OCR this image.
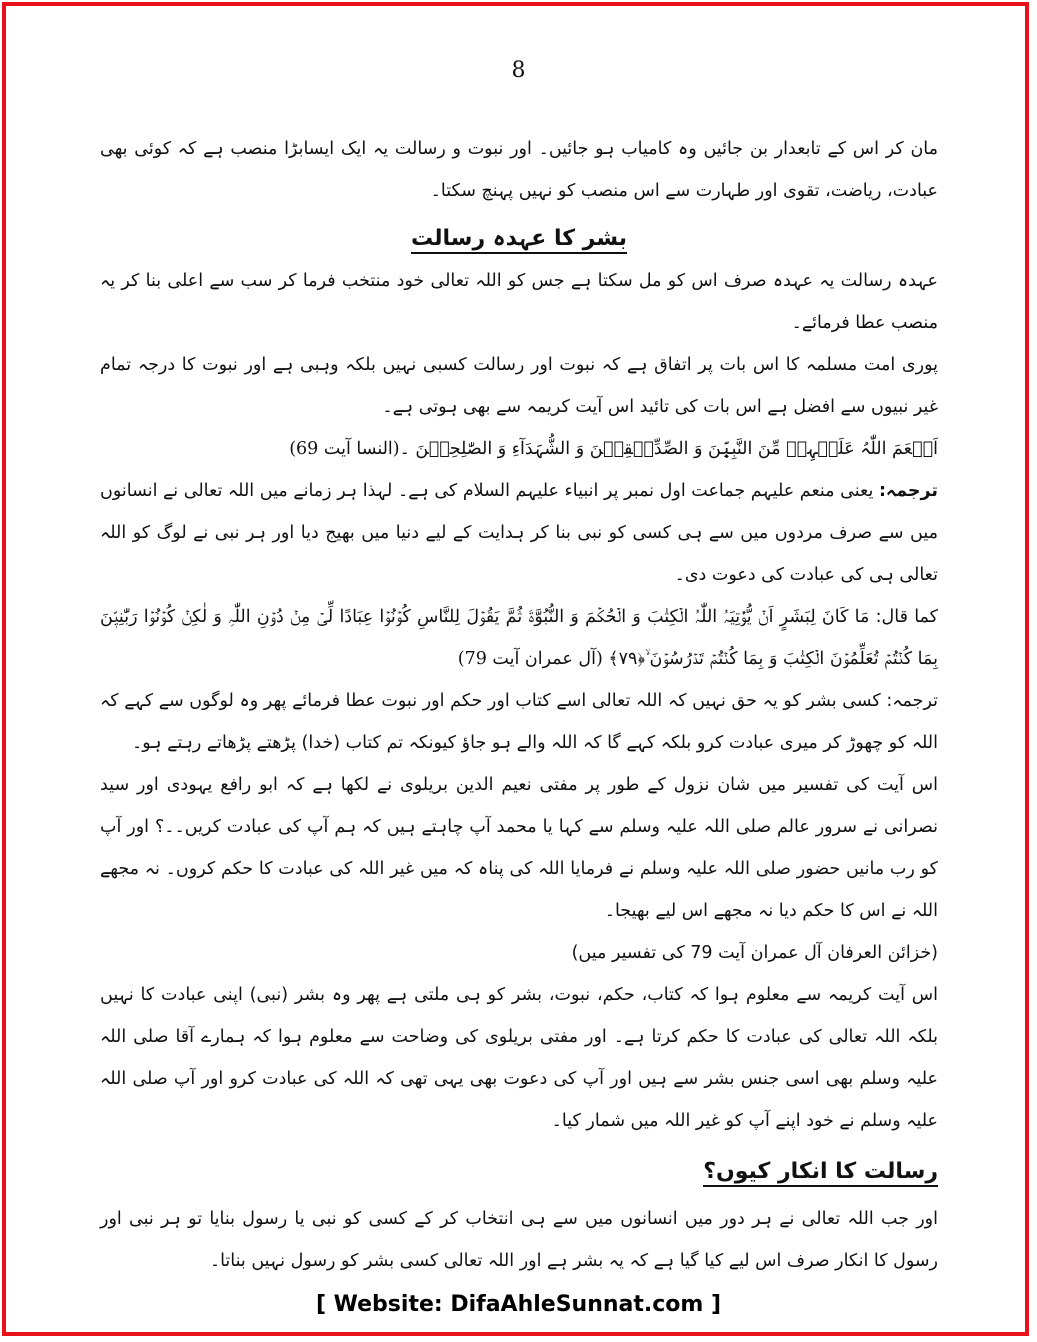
8

مان کر اس کے تابعدار بن جائیں وہ کامیاب ہو جائیں۔ اور نبوت و رسالت یہ ایک ایسابڑا منصب ہے کہ کوئی بھی عبادت، ریاضت، تقوی اور طہارت سے اس منصب کو نہیں پہنچ سکتا۔

بشر کا عہدہ رسالت

عہدہ رسالت یہ عہدہ صرف اس کو مل سکتا ہے جس کو اللہ تعالی خود منتخب فرما کر سب سے اعلی بنا کر یہ منصب عطا فرمائے۔

پوری امت مسلمہ کا اس بات پر اتفاق ہے کہ نبوت اور رسالت کسبی نہیں بلکہ وہبی ہے اور نبوت کا درجہ تمام غیر نبیوں سے افضل ہے اس بات کی تائید اس آیت کریمہ سے بھی ہوتی ہے۔

اَنۡعَمَ اللّٰہُ عَلَیۡہِمۡ مِّنَ النَّبِیّٖنَ وَ الصِّدِّیۡقِیۡنَ وَ الشُّہَدَآءِ وَ الصّٰلِحِیۡنَ ۔(النسا آیت 69)

ترجمہ: یعنی منعم علیہم جماعت اول نمبر پر انبیاء علیہم السلام کی ہے۔ لہذا ہر زمانے میں اللہ تعالی نے انسانوں میں سے صرف مردوں میں سے ہی کسی کو نبی بنا کر ہدایت کے لیے دنیا میں بھیج دیا اور ہر نبی نے لوگ کو اللہ تعالی ہی کی عبادت کی دعوت دی۔

کما قال: مَا کَانَ لِبَشَرٍ اَنۡ یُّؤۡتِیَہُ اللّٰہُ الۡکِتٰبَ وَ الۡحُکۡمَ وَ النُّبُوَّۃَ ثُمَّ یَقُوۡلَ لِلنَّاسِ کُوۡنُوۡا عِبَادًا لِّیۡ مِنۡ دُوۡنِ اللّٰہِ وَ لٰکِنۡ کُوۡنُوۡا رَبّٰنِیّٖنَ بِمَا کُنۡتُمۡ تُعَلِّمُوۡنَ الۡکِتٰبَ وَ بِمَا کُنۡتُمۡ تَدۡرُسُوۡنَ ۙ﴿۷۹﴾ (آل عمران آیت 79)

ترجمہ: کسی بشر کو یہ حق نہیں کہ اللہ تعالی اسے کتاب اور حکم اور نبوت عطا فرمائے پھر وہ لوگوں سے کہے کہ اللہ کو چھوڑ کر میری عبادت کرو بلکہ کہے گا کہ اللہ والے ہو جاؤ کیونکہ تم کتاب (خدا) پڑھتے پڑھاتے رہتے ہو۔

اس آیت کی تفسیر میں شان نزول کے طور پر مفتی نعیم الدین بریلوی نے لکھا ہے کہ ابو رافع یہودی اور سید نصرانی نے سرور عالم صلی اللہ علیہ وسلم سے کہا یا محمد آپ چاہتے ہیں کہ ہم آپ کی عبادت کریں۔۔؟ اور آپ کو رب مانیں حضور صلی اللہ علیہ وسلم نے فرمایا اللہ کی پناہ کہ میں غیر اللہ کی عبادت کا حکم کروں۔ نہ مجھے اللہ نے اس کا حکم دیا نہ مجھے اس لیے بھیجا۔

(خزائن العرفان آل عمران آیت 79 کی تفسیر میں)

اس آیت کریمہ سے معلوم ہوا کہ کتاب، حکم، نبوت، بشر کو ہی ملتی ہے پھر وہ بشر (نبی) اپنی عبادت کا نہیں بلکہ اللہ تعالی کی عبادت کا حکم کرتا ہے۔ اور مفتی بریلوی کی وضاحت سے معلوم ہوا کہ ہمارے آقا صلی اللہ علیہ وسلم بھی اسی جنس بشر سے ہیں اور آپ کی دعوت بھی یہی تھی کہ اللہ کی عبادت کرو اور آپ صلی اللہ علیہ وسلم نے خود اپنے آپ کو غیر اللہ میں شمار کیا۔

رسالت کا انکار کیوں؟

اور جب اللہ تعالی نے ہر دور میں انسانوں میں سے ہی انتخاب کر کے کسی کو نبی یا رسول بنایا تو ہر نبی اور رسول کا انکار صرف اس لیے کیا گیا ہے کہ یہ بشر ہے اور اللہ تعالی کسی بشر کو رسول نہیں بناتا۔

[ Website: DifaAhleSunnat.com ]
